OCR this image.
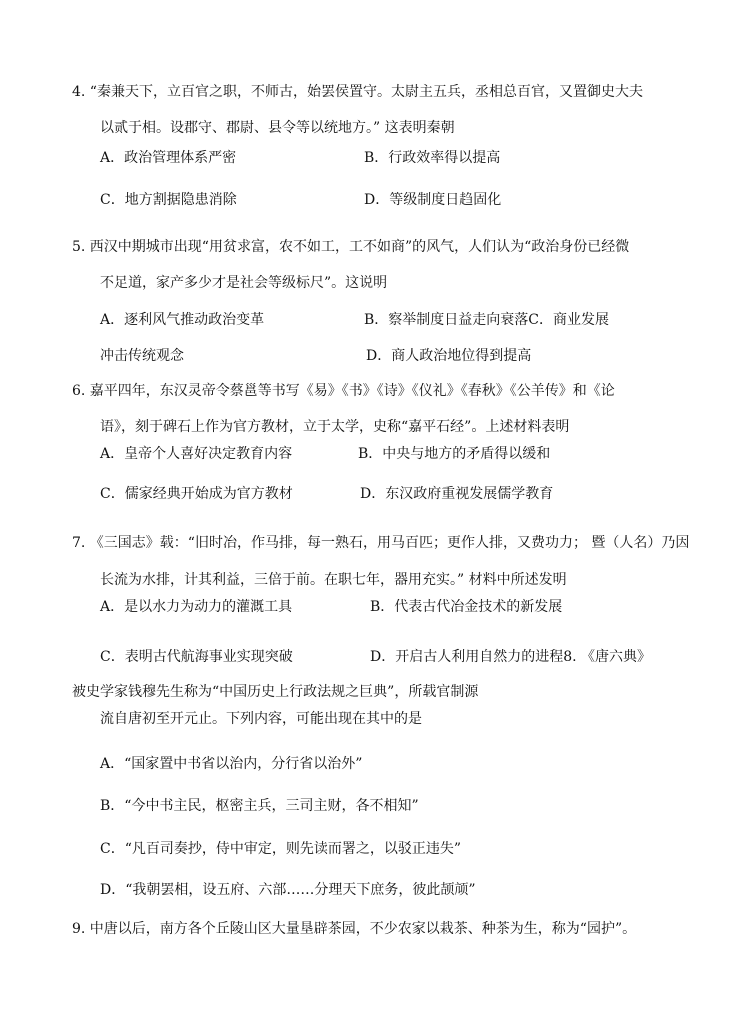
4. “秦兼天下，立百官之职，不师古，始罢侯置守。太尉主五兵，丞相总百官，又置御史大夫
以贰于相。设郡守、郡尉、县令等以统地方。” 这表明秦朝
A．政治管理体系严密	B．行政效率得以提高
C．地方割据隐患消除	D．等级制度日趋固化
5. 西汉中期城市出现“用贫求富，农不如工，工不如商”的风气，人们认为“政治身份已经微
不足道，家产多少才是社会等级标尺”。这说明
A．逐利风气推动政治变革	B．察举制度日益走向衰落C．商业发展
冲击传统观念	D．商人政治地位得到提高
6. 嘉平四年，东汉灵帝令蔡邕等书写《易》《书》《诗》《仪礼》《春秋》《公羊传》和《论
语》，刻于碑石上作为官方教材，立于太学，史称“嘉平石经”。上述材料表明
A．皇帝个人喜好决定教育内容	B．中央与地方的矛盾得以缓和
C．儒家经典开始成为官方教材	D．东汉政府重视发展儒学教育
7. 《三国志》载：“旧时冶，作马排，每一熟石，用马百匹；更作人排，又费功力； 暨（人名）乃因
长流为水排，计其利益，三倍于前。在职七年，器用充实。” 材料中所述发明
A．是以水力为动力的灌溉工具	B．代表古代冶金技术的新发展
C．表明古代航海事业实现突破	D．开启古人利用自然力的进程8. 《唐六典》
被史学家钱穆先生称为“中国历史上行政法规之巨典”，所载官制源
流自唐初至开元止。下列内容，可能出现在其中的是
A．“国家置中书省以治内，分行省以治外”
B．“今中书主民，枢密主兵，三司主财，各不相知”
C．“凡百司奏抄，侍中审定，则先读而署之，以驳正违失”
D．“我朝罢相，设五府、六部……分理天下庶务，彼此颉颃”
9. 中唐以后，南方各个丘陵山区大量垦辟茶园，不少农家以栽茶、种茶为生，称为“园护”。
